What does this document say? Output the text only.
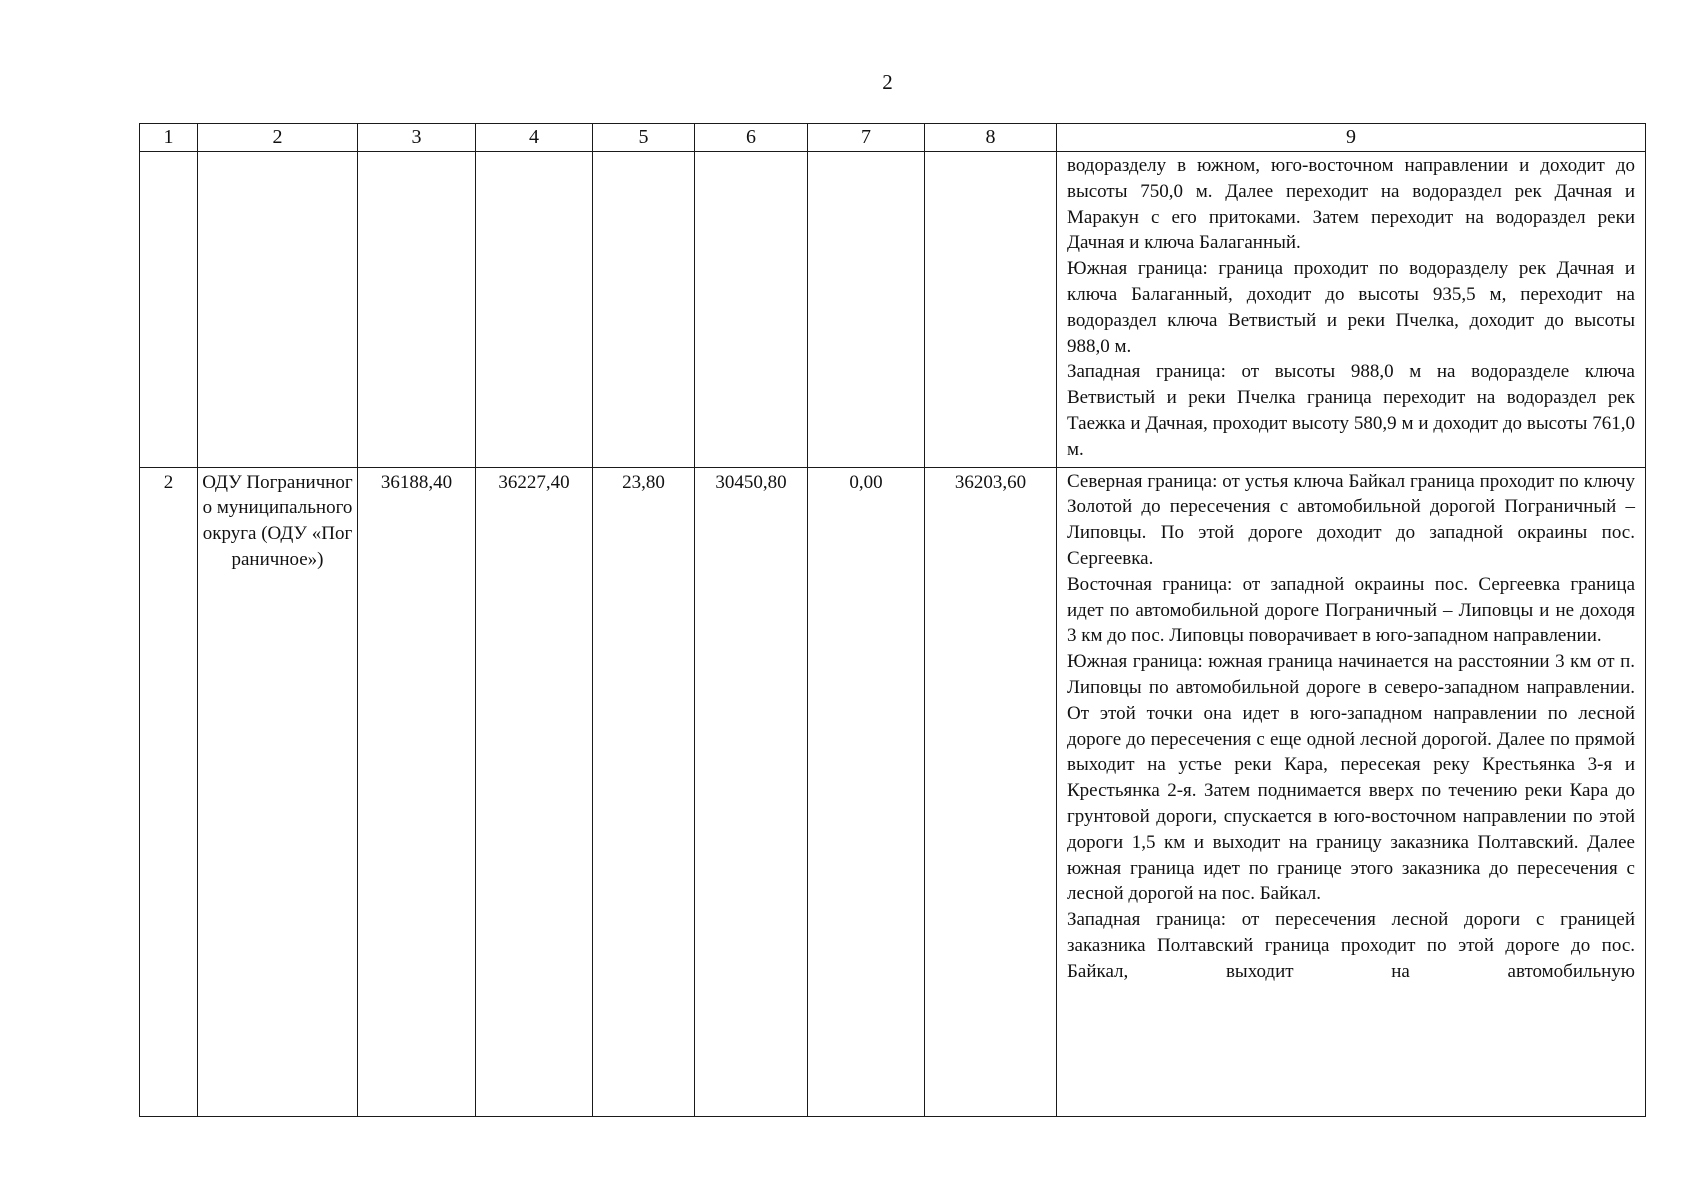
2
1	2	3	4	5	6	7	8	9

								водоразделу в южном, юго-восточном направлении и доходит до высоты 750,0 м. Далее переходит на водораздел рек Дачная и Маракун с его притоками. Затем переходит на водораздел реки Дачная и ключа Балаганный.

Южная граница: граница проходит по водоразделу рек Дачная и ключа Балаганный, доходит до высоты 935,5 м, переходит на водораздел ключа Ветвистый и реки Пчелка, доходит до высоты 988,0 м.

Западная граница: от высоты 988,0 м на водоразделе ключа Ветвистый и реки Пчелка граница переходит на водораздел рек Таежка и Дачная, проходит высоту 580,9 м и доходит до высоты 761,0 м.

2	ОДУ Пограничного муниципального округа (ОДУ «Пограничное»)	36188,40	36227,40	23,80	30450,80	0,00	36203,60	Северная граница: от устья ключа Байкал граница проходит по ключу Золотой до пересечения с автомобильной дорогой Пограничный – Липовцы. По этой дороге доходит до западной окраины пос. Сергеевка.

Восточная граница: от западной окраины пос. Сергеевка граница идет по автомобильной дороге Пограничный – Липовцы и не доходя 3 км до пос. Липовцы поворачивает в юго-западном направлении.

Южная граница: южная граница начинается на расстоянии 3 км от п. Липовцы по автомобильной дороге в северо-западном направлении. От этой точки она идет в юго-западном направлении по лесной дороге до пересечения с еще одной лесной дорогой. Далее по прямой выходит на устье реки Кара, пересекая реку Крестьянка 3-я и Крестьянка 2-я. Затем поднимается вверх по течению реки Кара до грунтовой дороги, спускается в юго-восточном направлении по этой дороги 1,5 км и выходит на границу заказника Полтавский. Далее южная граница идет по границе этого заказника до пересечения с лесной дорогой на пос. Байкал.

Западная граница: от пересечения лесной дороги с границей заказника Полтавский граница проходит по этой дороге до пос. Байкал, выходит на автомобильную
